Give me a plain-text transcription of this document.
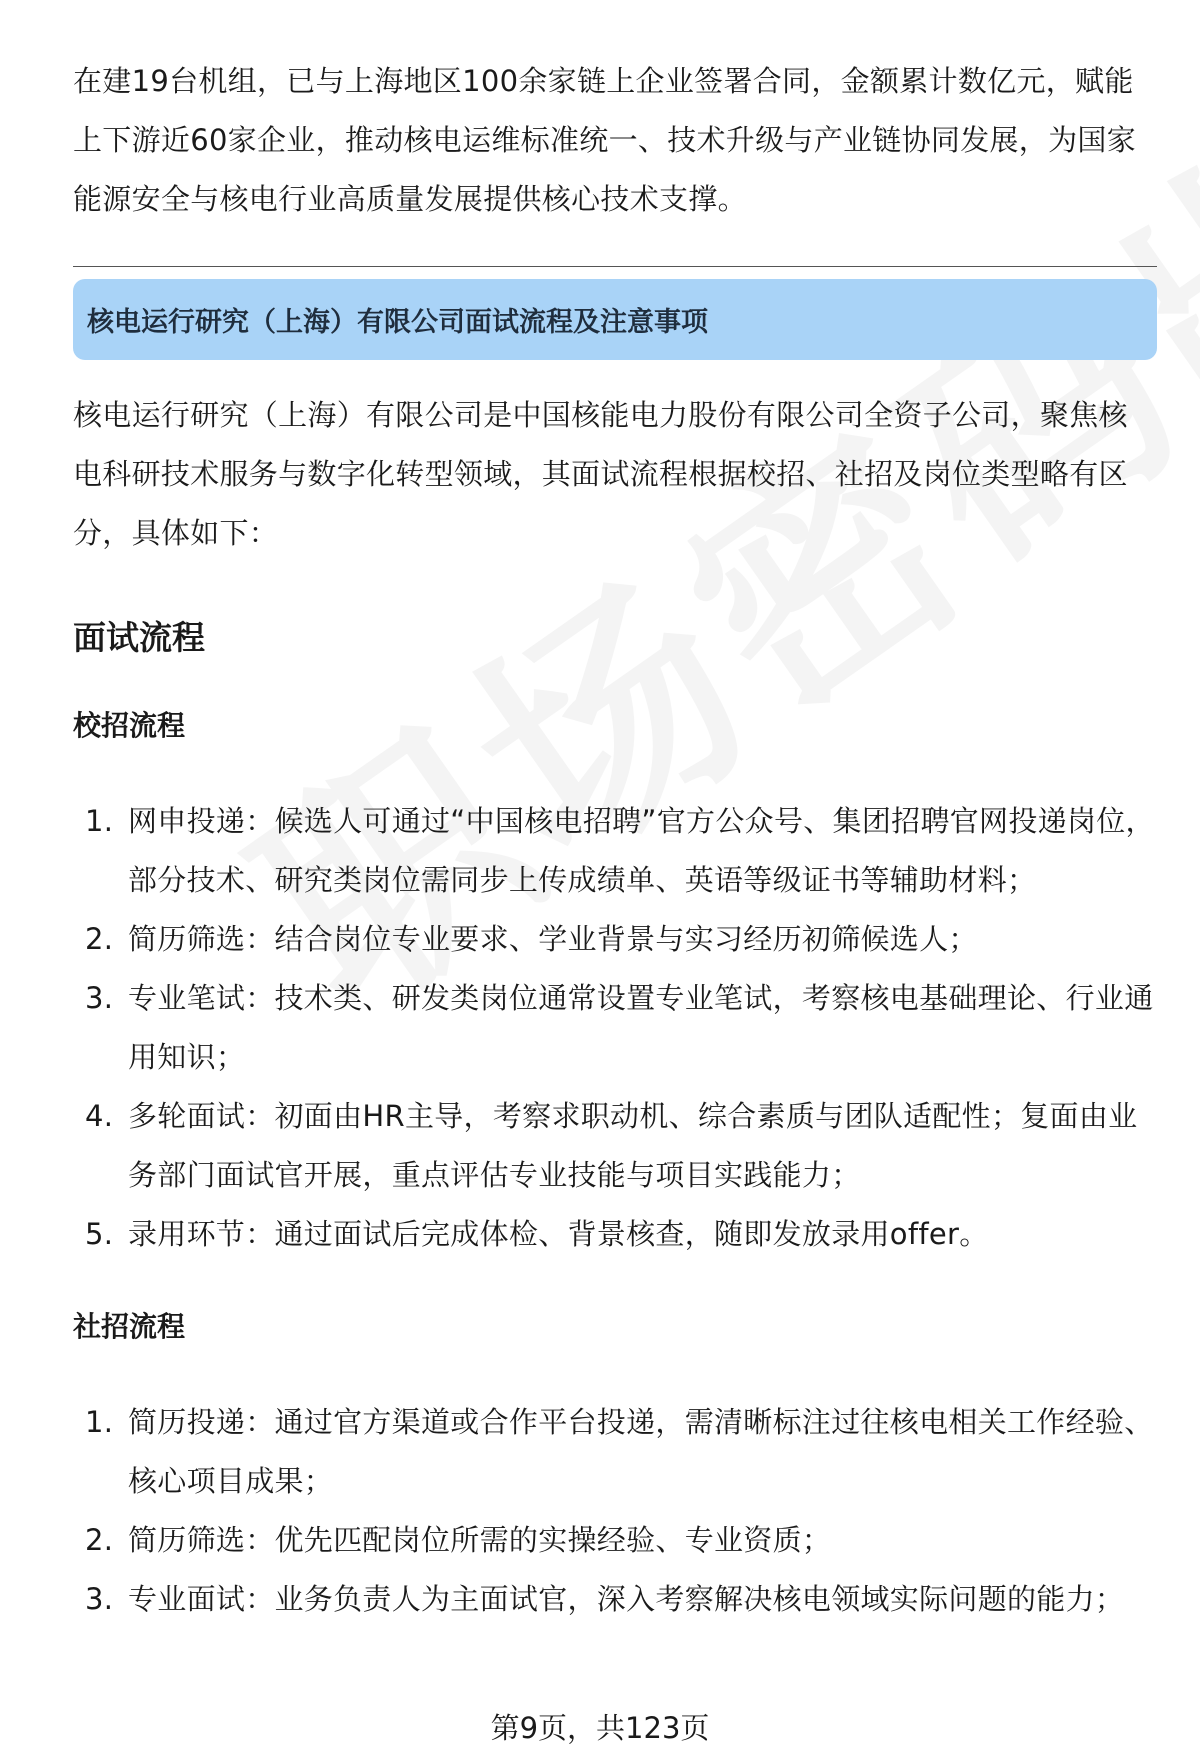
在建19台机组，已与上海地区100余家链上企业签署合同，金额累计数亿元，赋能上下游近60家企业，推动核电运维标准统一、技术升级与产业链协同发展，为国家能源安全与核电行业高质量发展提供核心技术支撑。

核电运行研究（上海）有限公司面试流程及注意事项

核电运行研究（上海）有限公司是中国核能电力股份有限公司全资子公司，聚焦核电科研技术服务与数字化转型领域，其面试流程根据校招、社招及岗位类型略有区分，具体如下：

面试流程
校招流程
1. 网申投递：候选人可通过“中国核电招聘”官方公众号、集团招聘官网投递岗位，部分技术、研究类岗位需同步上传成绩单、英语等级证书等辅助材料；
2. 简历筛选：结合岗位专业要求、学业背景与实习经历初筛候选人；
3. 专业笔试：技术类、研发类岗位通常设置专业笔试，考察核电基础理论、行业通用知识；
4. 多轮面试：初面由HR主导，考察求职动机、综合素质与团队适配性；复面由业务部门面试官开展，重点评估专业技能与项目实践能力；
5. 录用环节：通过面试后完成体检、背景核查，随即发放录用offer。
社招流程
1. 简历投递：通过官方渠道或合作平台投递，需清晰标注过往核电相关工作经验、核心项目成果；
2. 简历筛选：优先匹配岗位所需的实操经验、专业资质；
3. 专业面试：业务负责人为主面试官，深入考察解决核电领域实际问题的能力；
第9页，共123页
